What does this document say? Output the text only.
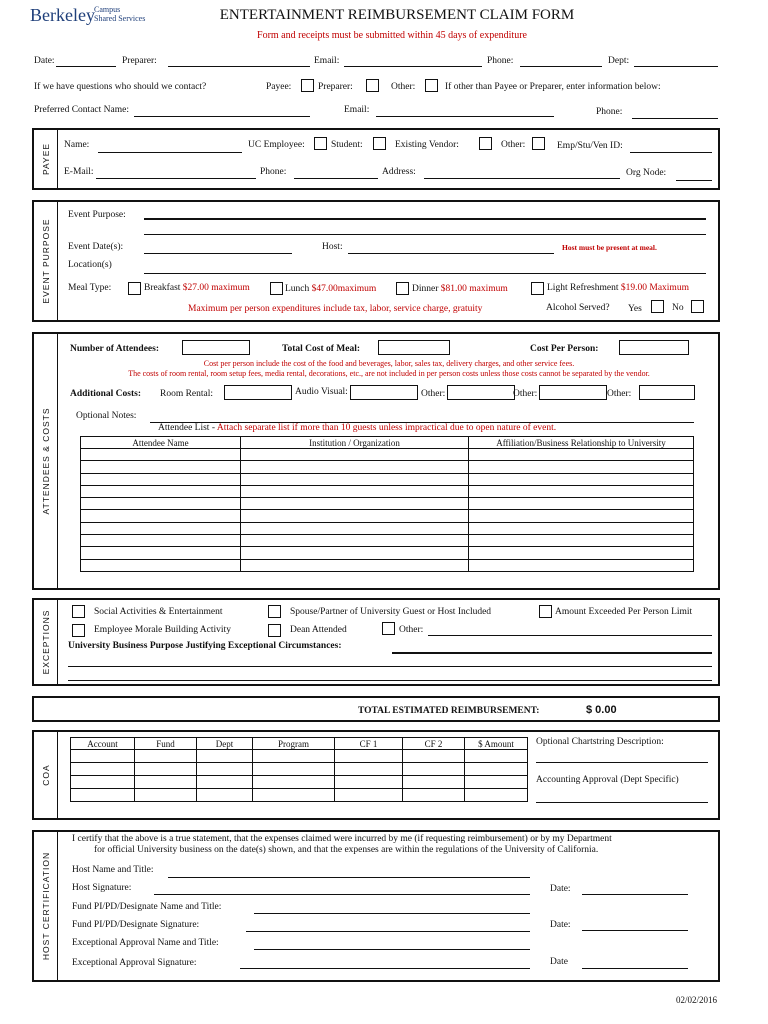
Berkeley Campus
Shared Services	ENTERTAINMENT REIMBURSEMENT CLAIM FORM
Form and receipts must be submitted within 45 days of expenditure
Date:	Preparer:	Email:	Phone:	Dept:
If we have questions who should we contact?	Payee:	Preparer:	Other:	If other than Payee or Preparer, enter information below:
Preferred Contact Name:	Email:	Phone:
PAYEE Name:	UC Employee:	Student:	Existing Vendor:	Other:	Emp/Stu/Ven ID:
E-Mail:	Phone:	Address:	Org Node:
EVENT PURPOSE
Event Purpose:
Event Date(s):	Host:	Host must be present at meal.
Location(s)
Meal Type:	Breakfast $27.00 maximum	Lunch $47.00maximum	Dinner $81.00 maximum	Light Refreshment $19.00 Maximum
Maximum per person expenditures include tax, labor, service charge, gratuity	Alcohol Served? Yes	No
ATTENDEES & COSTS
Number of Attendees:	Total Cost of Meal:	Cost Per Person:
Cost per person include the cost of the food and beverages, labor, sales tax, delivery charges, and other service fees.
The costs of room rental, room setup fees, media rental, decorations, etc., are not included in per person costs unless those costs cannot be separated by the vendor.
Additional Costs: Room Rental:	Audio Visual:	Other:	Other:	Other:
Optional Notes:
Attendee List - Attach separate list if more than 10 guests unless impractical due to open nature of event.
Attendee Name	Institution / Organization	Affiliation/Business Relationship to University

EXCEPTIONS	Social Activities & Entertainment	Spouse/Partner of University Guest or Host Included	Amount Exceeded Per Person Limit
Employee Morale Building Activity	Dean Attended	Other:
University Business Purpose Justifying Exceptional Circumstances:
TOTAL ESTIMATED REIMBURSEMENT:	$ 0.00
COA
Account	Fund	Dept	Program	CF 1	CF 2	$ Amount

						Optional Chartstring Description:
Accounting Approval (Dept Specific)
HOST CERTIFICATION
I certify that the above is a true statement, that the expenses claimed were incurred by me (if requesting reimbursement) or by my Department
for official University business on the date(s) shown, and that the expenses are within the regulations of the University of California.
Host Name and Title:
Host Signature:	Date:
Fund PI/PD/Designate Name and Title:
Fund PI/PD/Designate Signature:	Date:
Exceptional Approval Name and Title:
Exceptional Approval Signature:	Date
02/02/2016
